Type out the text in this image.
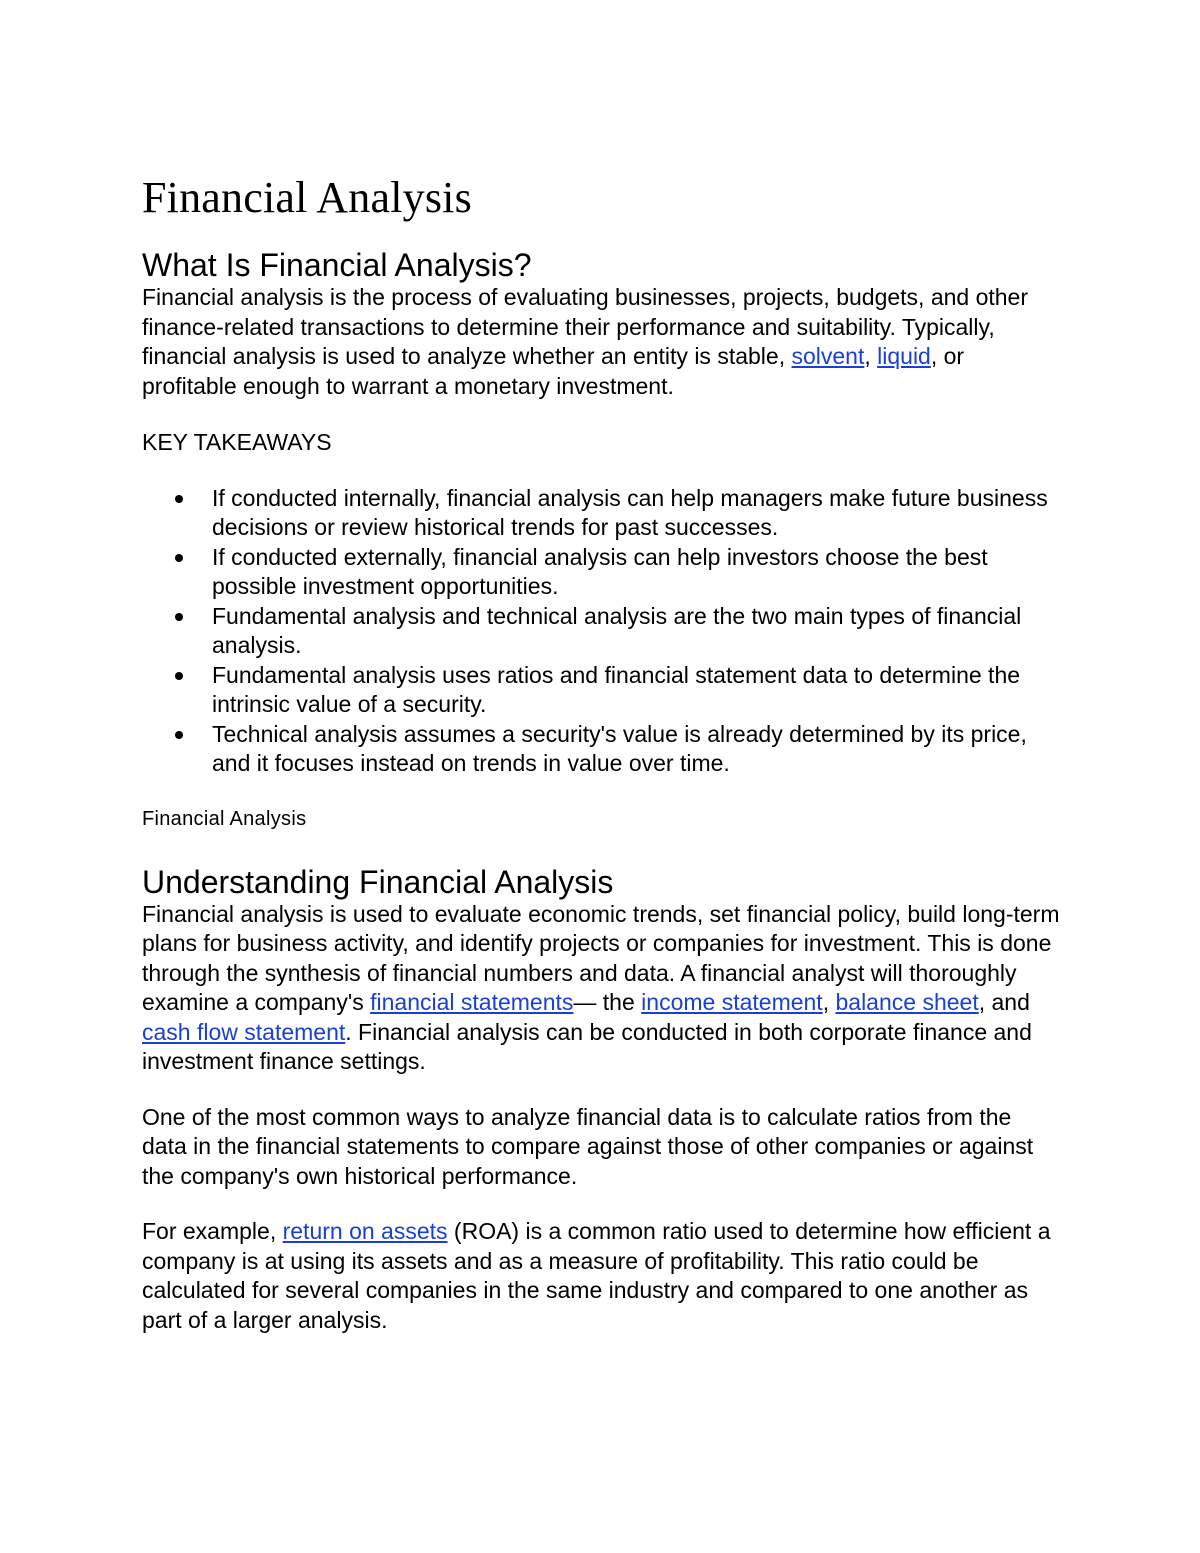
Financial Analysis
What Is Financial Analysis?

Financial analysis is the process of evaluating businesses, projects, budgets, and other finance-related transactions to determine their performance and suitability. Typically, financial analysis is used to analyze whether an entity is stable, solvent, liquid, or profitable enough to warrant a monetary investment.

KEY TAKEAWAYS

If conducted internally, financial analysis can help managers make future business decisions or review historical trends for past successes.
If conducted externally, financial analysis can help investors choose the best possible investment opportunities.
Fundamental analysis and technical analysis are the two main types of financial analysis.
Fundamental analysis uses ratios and financial statement data to determine the intrinsic value of a security.
Technical analysis assumes a security's value is already determined by its price, and it focuses instead on trends in value over time.

Financial Analysis

Understanding Financial Analysis

Financial analysis is used to evaluate economic trends, set financial policy, build long-term plans for business activity, and identify projects or companies for investment. This is done through the synthesis of financial numbers and data. A financial analyst will thoroughly examine a company's financial statements— the income statement, balance sheet, and cash flow statement. Financial analysis can be conducted in both corporate finance and investment finance settings.

One of the most common ways to analyze financial data is to calculate ratios from the data in the financial statements to compare against those of other companies or against the company's own historical performance.

For example, return on assets (ROA) is a common ratio used to determine how efficient a company is at using its assets and as a measure of profitability. This ratio could be calculated for several companies in the same industry and compared to one another as part of a larger analysis.
